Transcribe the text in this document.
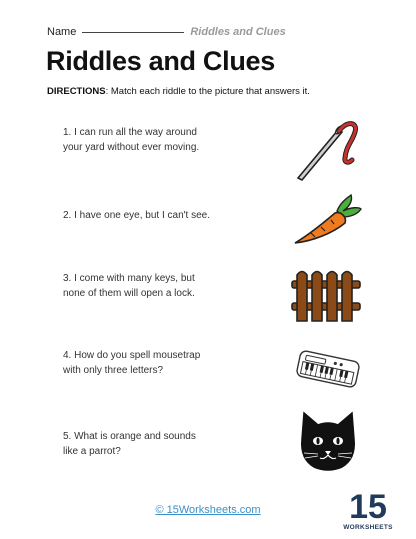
Name	Riddles and Clues
Riddles and Clues
DIRECTIONS: Match each riddle to the picture that answers it.
1. I can run all the way around your yard without ever moving.
2. I have one eye, but I can't see.
3. I come with many keys, but none of them will open a lock.
4. How do you spell mousetrap with only three letters?
5. What is orange and sounds like a parrot?
© 15Worksheets.com	15
WORKSHEETS
